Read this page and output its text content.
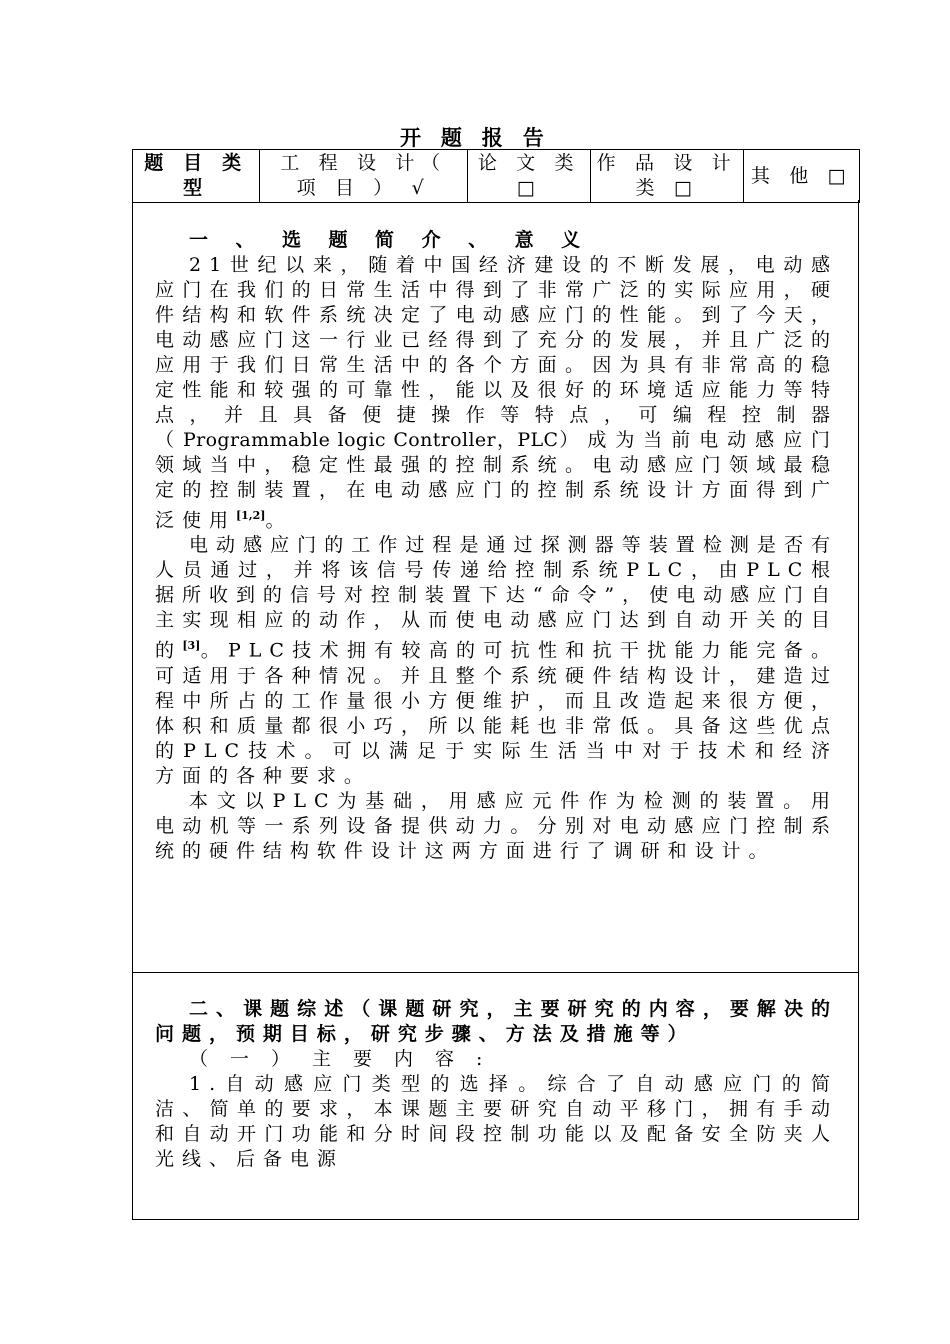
开 题 报 告
题 目 类 型	工 程 设 计（ 项 目 ） √	论 文 类 □	作 品 设 计 类 □	其 他 □
一 、 选 题 简 介 、 意 义
21世纪以来，随着中国经济建设的不断发展，电动感应门在我们的日常生活中得到了非常广泛的实际应用，硬件结构和软件系统决定了电动感应门的性能。到了今天，电动感应门这一行业已经得到了充分的发展，并且广泛的应用于我们日常生活中的各个方面。因为具有非常高的稳定性能和较强的可靠性，能以及很好的环境适应能力等特点，并且具备便捷操作等特点，可编程控制器（Programmable logic Controller，PLC）成为当前电动感应门领域当中，稳定性最强的控制系统。电动感应门领域最稳定的控制装置，在电动感应门的控制系统设计方面得到广泛使用[1,2]。
电动感应门的工作过程是通过探测器等装置检测是否有人员通过，并将该信号传递给控制系统PLC，由PLC根据所收到的信号对控制装置下达“命令”，使电动感应门自主实现相应的动作，从而使电动感应门达到自动开关的目的[3]。PLC技术拥有较高的可抗性和抗干扰能力能完备。可适用于各种情况。并且整个系统硬件结构设计，建造过程中所占的工作量很小方便维护，而且改造起来很方便，体积和质量都很小巧，所以能耗也非常低。具备这些优点的PLC技术。可以满足于实际生活当中对于技术和经济方面的各种要求。
本文以PLC为基础，用感应元件作为检测的装置。用电动机等一系列设备提供动力。分别对电动感应门控制系统的硬件结构软件设计这两方面进行了调研和设计。
二、课题综述（课题研究，主要研究的内容，要解决的问题，预期目标，研究步骤、方法及措施等）
（ 一 ） 主 要 内 容 :
1.自动感应门类型的选择。综合了自动感应门的简洁、简单的要求，本课题主要研究自动平移门，拥有手动和自动开门功能和分时间段控制功能以及配备安全防夹人光线、后备电源
